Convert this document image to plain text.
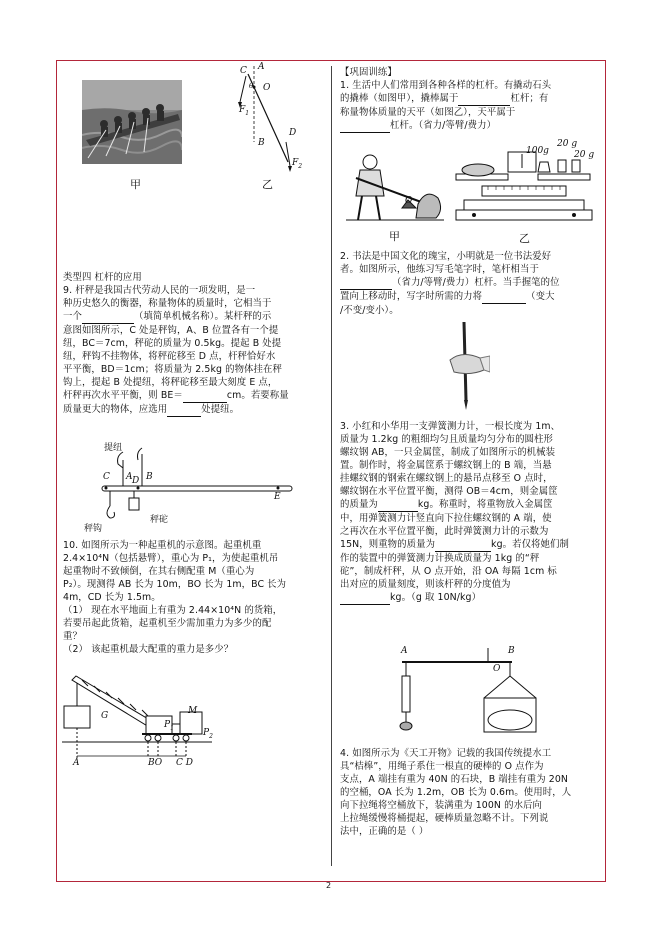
甲
C A
θ O
$F_1$
B
D
$F_2$
乙

类型四 杠杆的应用

9. 杆秤是我国古代劳动人民的一项发明，是一

种历史悠久的衡器，称量物体的质量时，它相当于

一个	（填简单机械名称）。某杆秤的示

意图如图所示，C 处是秤钩，A、B 位置各有一个提

纽，BC＝7cm，秤砣的质量为 0.5kg。提起 B 处提

纽，秤钩不挂物体，将秤砣移至 D 点，杆秤恰好水

平平衡，BD＝1cm；将质量为 2.5kg 的物体挂在秤

钩上，提起 B 处提纽，将秤砣移至最大刻度 E 点，

杆秤再次水平平衡，则 BE＝	cm。若要称量

质量更大的物体，应选用	处提纽。

提纽
C A D B
E
秤钩
秤砣

10. 如图所示为一种起重机的示意图。起重机重

2.4×10⁴N（包括悬臂），重心为 P₁，为使起重机吊

起重物时不致倾倒，在其右侧配重 M（重心为

P₂）。现测得 AB 长为 10m，BO 长为 1m，BC 长为

4m，CD 长为 1.5m。

（1） 现在水平地面上有重为 2.44×10⁴N 的货箱，

若要吊起此货箱，起重机至少需加重力为多少的配

重？

（2） 该起重机最大配重的重力是多少？

G	M
$P_1$	$P_2$
A	BO C D

【巩固训练】

1. 生活中人们常用到各种各样的杠杆。有撬动石头

的撬棒（如图甲），撬棒属于	杠杆；有

称量物体质量的天平（如图乙），天平属于

杠杆。（省力/等臂/费力）

O
甲
100g
20 g
20 g
乙

2. 书法是中国文化的瑰宝，小明就是一位书法爱好

者。如图所示，他练习写毛笔字时，笔杆相当于

（省力/等臂/费力）杠杆。当手握笔的位

置向上移动时，写字时所需的力将	（变大

/不变/变小）。

3. 小红和小华用一支弹簧测力计，一根长度为 1m、

质量为 1.2kg 的粗细均匀且质量均匀分布的圆柱形

螺纹钢 AB，一只金属筐，制成了如图所示的机械装

置。制作时，将金属筐系于螺纹钢上的 B 端，当悬

挂螺纹钢的钢索在螺纹钢上的悬吊点移至 O 点时，

螺纹钢在水平位置平衡，测得 OB＝4cm，则金属筐

的质量为	kg。称重时，将重物放入金属筐

中，用弹簧测力计竖直向下拉住螺纹钢的 A 端，使

之再次在水平位置平衡，此时弹簧测力计的示数为

15N，则重物的质量为	kg。若仅将她们制

作的装置中的弹簧测力计换成质量为 1kg 的“秤

砣”，制成杆秤，从 O 点开始，沿 OA 每隔 1cm 标

出对应的质量刻度，则该杆秤的分度值为

kg。（g 取 10N/kg）

A	B
O

4. 如图所示为《天工开物》记载的我国传统提水工

具“桔槔”，用绳子系住一根直的硬棒的 O 点作为

支点，A 端挂有重为 40N 的石块，B 端挂有重为 20N

的空桶，OA 长为 1.2m，OB 长为 0.6m。使用时，人

向下拉绳将空桶放下，装满重为 100N 的水后向

上拉绳缓慢将桶提起，硬棒质量忽略不计。下列说

法中，正确的是（ ）

2
